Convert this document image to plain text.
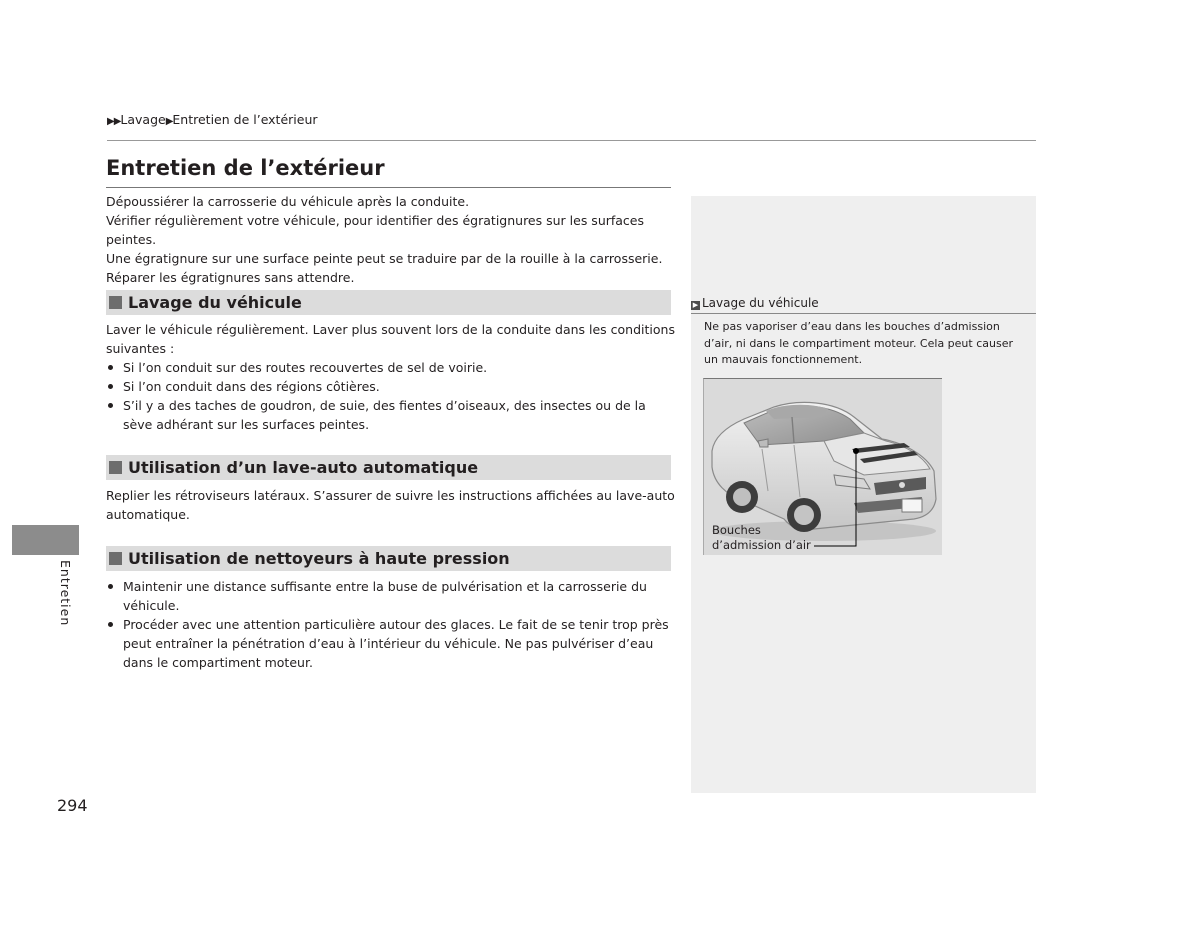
▶▶Lavage▶Entretien de l’extérieur
Entretien de l’extérieur

Dépoussiérer la carrosserie du véhicule après la conduite.

Vérifier régulièrement votre véhicule, pour identifier des égratignures sur les surfaces peintes.

Une égratignure sur une surface peinte peut se traduire par de la rouille à la carrosserie.

Réparer les égratignures sans attendre.

Lavage du véhicule

Laver le véhicule régulièrement. Laver plus souvent lors de la conduite dans les conditions suivantes :

Si l’on conduit sur des routes recouvertes de sel de voirie.
Si l’on conduit dans des régions côtières.
S’il y a des taches de goudron, de suie, des fientes d’oiseaux, des insectes ou de la sève adhérant sur les surfaces peintes.
Utilisation d’un lave-auto automatique

Replier les rétroviseurs latéraux. S’assurer de suivre les instructions affichées au lave-auto automatique.

Utilisation de nettoyeurs à haute pression
Maintenir une distance suffisante entre la buse de pulvérisation et la carrosserie du véhicule.
Procéder avec une attention particulière autour des glaces. Le fait de se tenir trop près peut entraîner la pénétration d’eau à l’intérieur du véhicule. Ne pas pulvériser d’eau dans le compartiment moteur.
Entretien
294
▶ Lavage du véhicule

Ne pas vaporiser d’eau dans les bouches d’admission d’air, ni dans le compartiment moteur. Cela peut causer un mauvais fonctionnement.

Bouches
d’admission d’air
